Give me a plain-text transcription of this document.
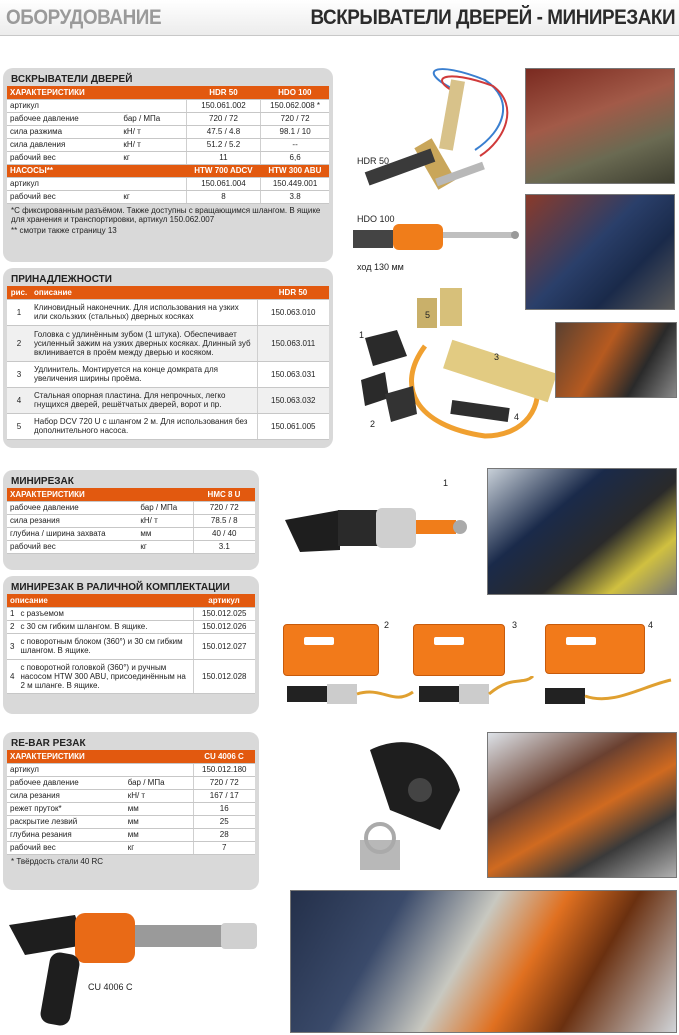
ОБОРУДОВАНИЕ	ВСКРЫВАТЕЛИ ДВЕРЕЙ - МИНИРЕЗАКИ
ВСКРЫВАТЕЛИ ДВЕРЕЙ
ХАРАКТЕРИСТИКИ		HDR 50	HDO 100
артикул		150.061.002	150.062.008 *
рабочее давление	бар / МПа	720 / 72	720 / 72
сила разжима	кН/ т	47.5 / 4.8	98.1 / 10
сила давления	кН/ т	51.2 / 5.2	--
рабочий вес	кг	11	6,6
НАСОСЫ**		HTW 700 ADCV	HTW 300 ABU
артикул		150.061.004	150.449.001
рабочий вес	кг	8	3.8
*С фиксированным разъёмом. Также доступны с вращающимся шлангом. В ящике для хранения и транспортировки, артикул 150.062.007
** смотри также страницу 13
ПРИНАДЛЕЖНОСТИ
рис.	описание	HDR 50
1	Клиновидный наконечник. Для использования на узких или скользких (стальных) дверных косяках	150.063.010
2	Головка с удлинённым зубом (1 штука). Обеспечивает усиленный зажим на узких дверных косяках. Длинный зуб вклинивается в проём между дверью и косяком.	150.063.011
3	Удлинитель. Монтируется на конце домкрата для увеличения ширины проёма.	150.063.031
4	Стальная опорная пластина. Для непрочных, легко гнущихся дверей, решётчатых дверей, ворот и пр.	150.063.032
5	Набор DCV 720 U с шлангом 2 м. Для использования без дополнительного насоса.	150.061.005
МИНИРЕЗАК
ХАРАКТЕРИСТИКИ		HMC 8 U
рабочее давление	бар / МПа	720 / 72
сила резания	кН/ т	78.5 / 8
глубина / ширина захвата	мм	40 / 40
рабочий вес	кг	3.1
МИНИРЕЗАК В РАЛИЧНОЙ КОМПЛЕКТАЦИИ
описание		артикул
1	с разъемом	150.012.025
2	с 30 см гибким шлангом. В ящике.	150.012.026
3	с поворотным блоком (360°) и 30 см гибким шлангом. В ящике.	150.012.027
4	с поворотной головкой (360°) и ручным насосом HTW 300 ABU, присоединённым на 2 м шланге. В ящике.	150.012.028
RE-BAR РЕЗАК
ХАРАКТЕРИСТИКИ		CU 4006 C
артикул		150.012.180
рабочее давление	бар / МПа	720 / 72
сила резания	кН/ т	167 / 17
режет пруток*	мм	16
раскрытие лезвий	мм	25
глубина резания	мм	28
рабочий вес	кг	7
* Твёрдость стали 40 RC
HDR 50
HDO 100
ход 130 мм
1
2
3
4
5
1
2	3	4
CU 4006 C
